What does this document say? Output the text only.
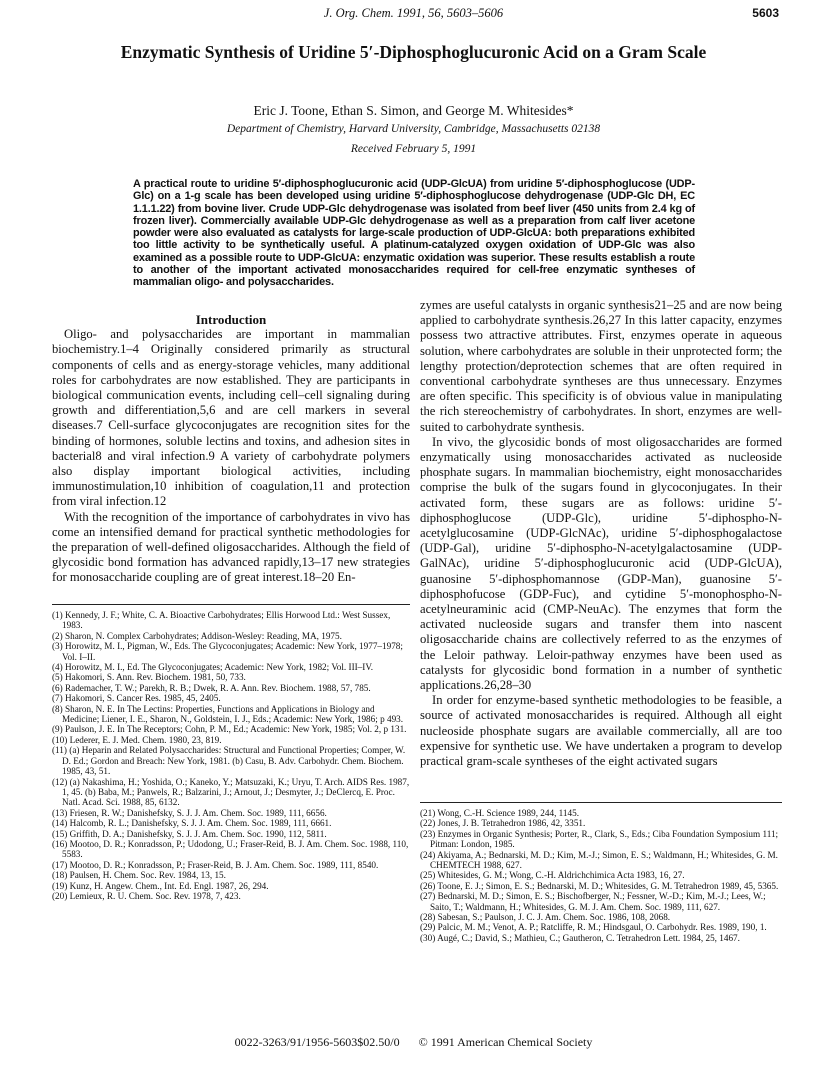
J. Org. Chem. 1991, 56, 5603–5606	5603
Enzymatic Synthesis of Uridine 5′-Diphosphoglucuronic Acid on a Gram Scale
Eric J. Toone, Ethan S. Simon, and George M. Whitesides*
Department of Chemistry, Harvard University, Cambridge, Massachusetts 02138
Received February 5, 1991
A practical route to uridine 5′-diphosphoglucuronic acid (UDP-GlcUA) from uridine 5′-diphosphoglucose (UDP-Glc) on a 1-g scale has been developed using uridine 5′-diphosphoglucose dehydrogenase (UDP-Glc DH, EC 1.1.1.22) from bovine liver. Crude UDP-Glc dehydrogenase was isolated from beef liver (450 units from 2.4 kg of frozen liver). Commercially available UDP-Glc dehydrogenase as well as a preparation from calf liver acetone powder were also evaluated as catalysts for large-scale production of UDP-GlcUA: both preparations exhibited too little activity to be synthetically useful. A platinum-catalyzed oxygen oxidation of UDP-Glc was also examined as a possible route to UDP-GlcUA: enzymatic oxidation was superior. These results establish a route to another of the important activated monosaccharides required for cell-free enzymatic syntheses of mammalian oligo- and polysaccharides.

Introduction

Oligo- and polysaccharides are important in mammalian biochemistry.1–4 Originally considered primarily as structural components of cells and as energy-storage vehicles, many additional roles for carbohydrates are now established. They are participants in biological communication events, including cell–cell signaling during growth and differentiation,5,6 and are cell markers in several diseases.7 Cell-surface glycoconjugates are recognition sites for the binding of hormones, soluble lectins and toxins, and adhesion sites in bacterial8 and viral infection.9 A variety of carbohydrate polymers also display important biological activities, including immunostimulation,10 inhibition of coagulation,11 and protection from viral infection.12

With the recognition of the importance of carbohydrates in vivo has come an intensified demand for practical synthetic methodologies for the preparation of well-defined oligosaccharides. Although the field of glycosidic bond formation has advanced rapidly,13–17 new strategies for monosaccharide coupling are of great interest.18–20 En-

zymes are useful catalysts in organic synthesis21–25 and are now being applied to carbohydrate synthesis.26,27 In this latter capacity, enzymes possess two attractive attributes. First, enzymes operate in aqueous solution, where carbohydrates are soluble in their unprotected form; the lengthy protection/deprotection schemes that are often required in conventional carbohydrate syntheses are thus unnecessary. Enzymes are often specific. This specificity is of obvious value in manipulating the rich stereochemistry of carbohydrates. In short, enzymes are well-suited to carbohydrate synthesis.

In vivo, the glycosidic bonds of most oligosaccharides are formed enzymatically using monosaccharides activated as nucleoside phosphate sugars. In mammalian biochemistry, eight monosaccharides comprise the bulk of the sugars found in glycoconjugates. In their activated form, these sugars are as follows: uridine 5′-diphosphoglucose (UDP-Glc), uridine 5′-diphospho-N-acetylglucosamine (UDP-GlcNAc), uridine 5′-diphosphogalactose (UDP-Gal), uridine 5′-diphospho-N-acetylgalactosamine (UDP-GalNAc), uridine 5′-diphosphoglucuronic acid (UDP-GlcUA), guanosine 5′-diphosphomannose (GDP-Man), guanosine 5′-diphosphofucose (GDP-Fuc), and cytidine 5′-monophospho-N-acetylneuraminic acid (CMP-NeuAc). The enzymes that form the activated nucleoside sugars and transfer them into nascent oligosaccharide chains are collectively referred to as the enzymes of the Leloir pathway. Leloir-pathway enzymes have been used as catalysts for glycosidic bond formation in a number of synthetic applications.26,28–30

In order for enzyme-based synthetic methodologies to be feasible, a source of activated monosaccharides is required. Although all eight nucleoside phosphate sugars are available commercially, all are too expensive for synthetic use. We have undertaken a program to develop practical gram-scale syntheses of the eight activated sugars

(1) Kennedy, J. F.; White, C. A. Bioactive Carbohydrates; Ellis Horwood Ltd.: West Sussex, 1983.
(2) Sharon, N. Complex Carbohydrates; Addison-Wesley: Reading, MA, 1975.
(3) Horowitz, M. I., Pigman, W., Eds. The Glycoconjugates; Academic: New York, 1977–1978; Vol. I–II.
(4) Horowitz, M. I., Ed. The Glycoconjugates; Academic: New York, 1982; Vol. III–IV.
(5) Hakomori, S. Ann. Rev. Biochem. 1981, 50, 733.
(6) Rademacher, T. W.; Parekh, R. B.; Dwek, R. A. Ann. Rev. Biochem. 1988, 57, 785.
(7) Hakomori, S. Cancer Res. 1985, 45, 2405.
(8) Sharon, N. E. In The Lectins: Properties, Functions and Applications in Biology and Medicine; Liener, I. E., Sharon, N., Goldstein, I. J., Eds.; Academic: New York, 1986; p 493.
(9) Paulson, J. E. In The Receptors; Cohn, P. M., Ed.; Academic: New York, 1985; Vol. 2, p 131.
(10) Lederer, E. J. Med. Chem. 1980, 23, 819.
(11) (a) Heparin and Related Polysaccharides: Structural and Functional Properties; Comper, W. D. Ed.; Gordon and Breach: New York, 1981. (b) Casu, B. Adv. Carbohydr. Chem. Biochem. 1985, 43, 51.
(12) (a) Nakashima, H.; Yoshida, O.; Kaneko, Y.; Matsuzaki, K.; Uryu, T. Arch. AIDS Res. 1987, 1, 45. (b) Baba, M.; Panwels, R.; Balzarini, J.; Arnout, J.; Desmyter, J.; DeClercq, E. Proc. Natl. Acad. Sci. 1988, 85, 6132.
(13) Friesen, R. W.; Danishefsky, S. J. J. Am. Chem. Soc. 1989, 111, 6656.
(14) Halcomb, R. L.; Danishefsky, S. J. J. Am. Chem. Soc. 1989, 111, 6661.
(15) Griffith, D. A.; Danishefsky, S. J. J. Am. Chem. Soc. 1990, 112, 5811.
(16) Mootoo, D. R.; Konradsson, P.; Udodong, U.; Fraser-Reid, B. J. Am. Chem. Soc. 1988, 110, 5583.
(17) Mootoo, D. R.; Konradsson, P.; Fraser-Reid, B. J. Am. Chem. Soc. 1989, 111, 8540.
(18) Paulsen, H. Chem. Soc. Rev. 1984, 13, 15.
(19) Kunz, H. Angew. Chem., Int. Ed. Engl. 1987, 26, 294.
(20) Lemieux, R. U. Chem. Soc. Rev. 1978, 7, 423.
(21) Wong, C.-H. Science 1989, 244, 1145.
(22) Jones, J. B. Tetrahedron 1986, 42, 3351.
(23) Enzymes in Organic Synthesis; Porter, R., Clark, S., Eds.; Ciba Foundation Symposium 111; Pitman: London, 1985.
(24) Akiyama, A.; Bednarski, M. D.; Kim, M.-J.; Simon, E. S.; Waldmann, H.; Whitesides, G. M. CHEMTECH 1988, 627.
(25) Whitesides, G. M.; Wong, C.-H. Aldrichchimica Acta 1983, 16, 27.
(26) Toone, E. J.; Simon, E. S.; Bednarski, M. D.; Whitesides, G. M. Tetrahedron 1989, 45, 5365.
(27) Bednarski, M. D.; Simon, E. S.; Bischofberger, N.; Fessner, W.-D.; Kim, M.-J.; Lees, W.; Saito, T.; Waldmann, H.; Whitesides, G. M. J. Am. Chem. Soc. 1989, 111, 627.
(28) Sabesan, S.; Paulson, J. C. J. Am. Chem. Soc. 1986, 108, 2068.
(29) Palcic, M. M.; Venot, A. P.; Ratcliffe, R. M.; Hindsgaul, O. Carbohydr. Res. 1989, 190, 1.
(30) Augé, C.; David, S.; Mathieu, C.; Gautheron, C. Tetrahedron Lett. 1984, 25, 1467.
0022-3263/91/1956-5603$02.50/0 © 1991 American Chemical Society
